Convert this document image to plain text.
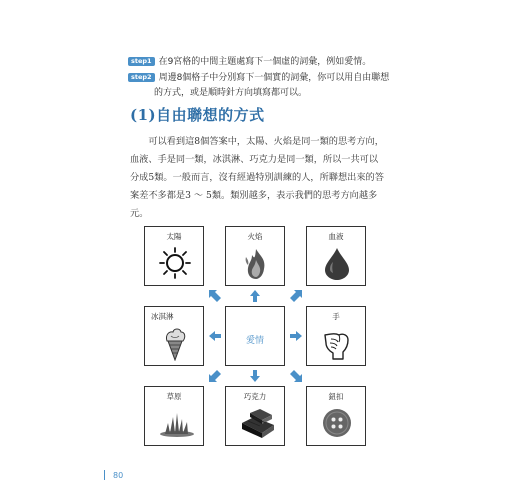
step1 在9宮格的中間主題處寫下一個虛的詞彙，例如愛情。
step2 周邊8個格子中分別寫下一個實的詞彙，你可以用自由聯想
的方式，或是順時針方向填寫都可以。
(1)自由聯想的方式
　　可以看到這8個答案中，太陽、火焰是同一類的思考方向，
血液、手是同一類，冰淇淋、巧克力是同一類，所以一共可以
分成5類。一般而言，沒有經過特別訓練的人，所聯想出來的答
案差不多都是3 ～ 5類。類別越多，表示我們的思考方向越多
元。
太陽	火焰	血液
冰淇淋
愛情
手
草原	巧克力	鈕扣
80
